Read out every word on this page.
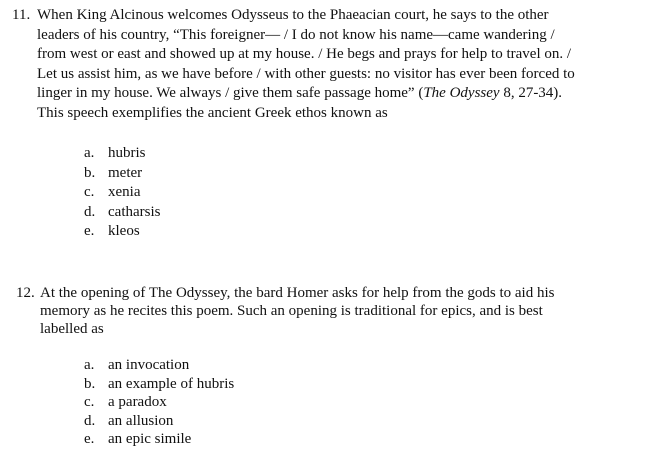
11. When King Alcinous welcomes Odysseus to the Phaeacian court, he says to the other
leaders of his country, “This foreigner— / I do not know his name—came wandering /
from west or east and showed up at my house. / He begs and prays for help to travel on. /
Let us assist him, as we have before / with other guests: no visitor has ever been forced to
linger in my house. We always / give them safe passage home” (The Odyssey 8, 27-34).
This speech exemplifies the ancient Greek ethos known as
a. hubris
b. meter
c. xenia
d. catharsis
e. kleos
12. At the opening of The Odyssey, the bard Homer asks for help from the gods to aid his
memory as he recites this poem. Such an opening is traditional for epics, and is best
labelled as
a. an invocation
b. an example of hubris
c. a paradox
d. an allusion
e. an epic simile
